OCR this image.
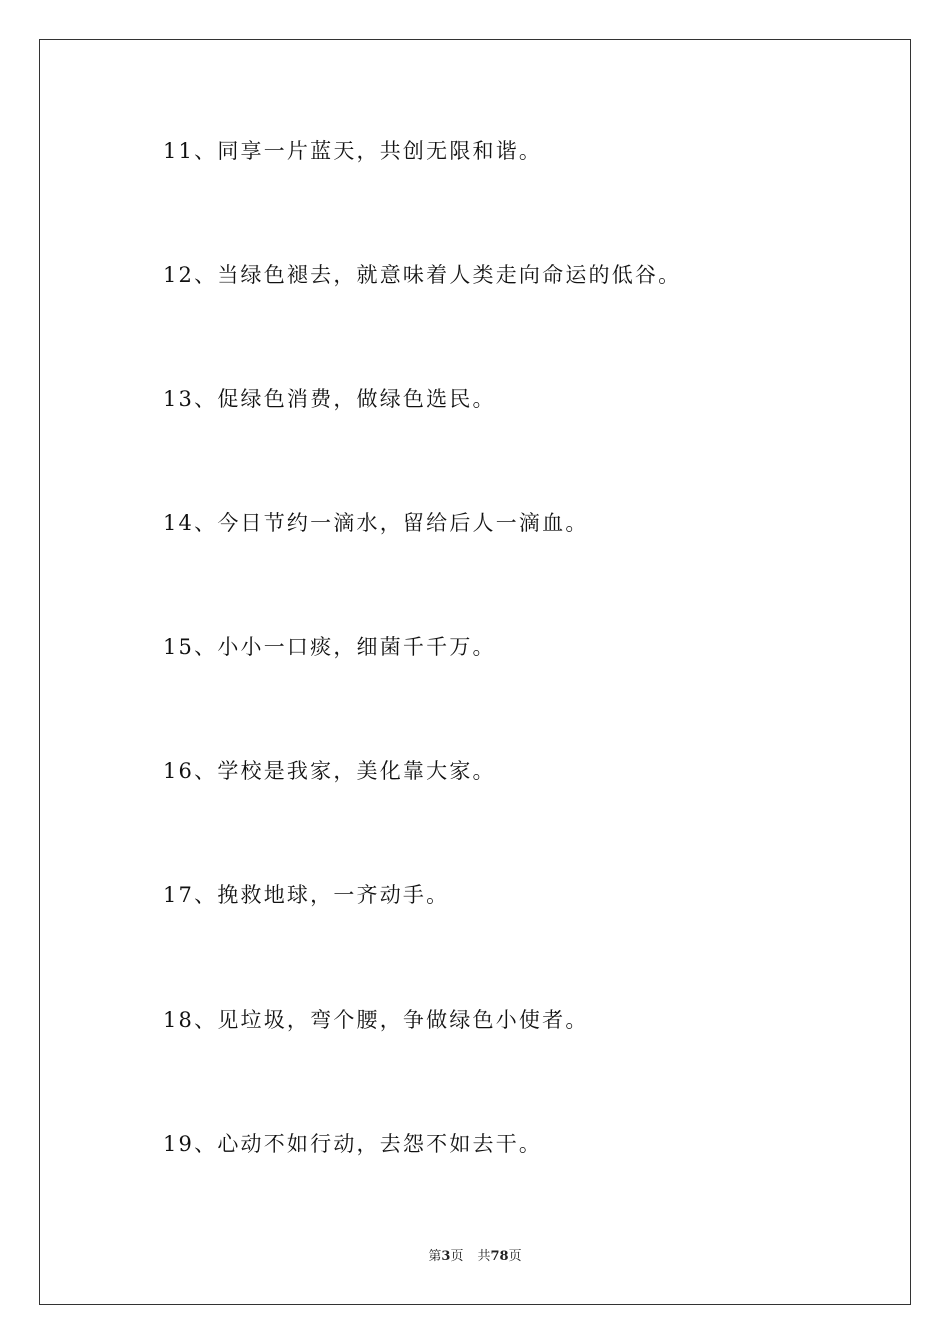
11、同享一片蓝天，共创无限和谐。
12、当绿色褪去，就意味着人类走向命运的低谷。
13、促绿色消费，做绿色选民。
14、今日节约一滴水，留给后人一滴血。
15、小小一口痰，细菌千千万。
16、学校是我家，美化靠大家。
17、挽救地球，一齐动手。
18、见垃圾，弯个腰，争做绿色小使者。
19、心动不如行动，去怨不如去干。
第3页 共78页
